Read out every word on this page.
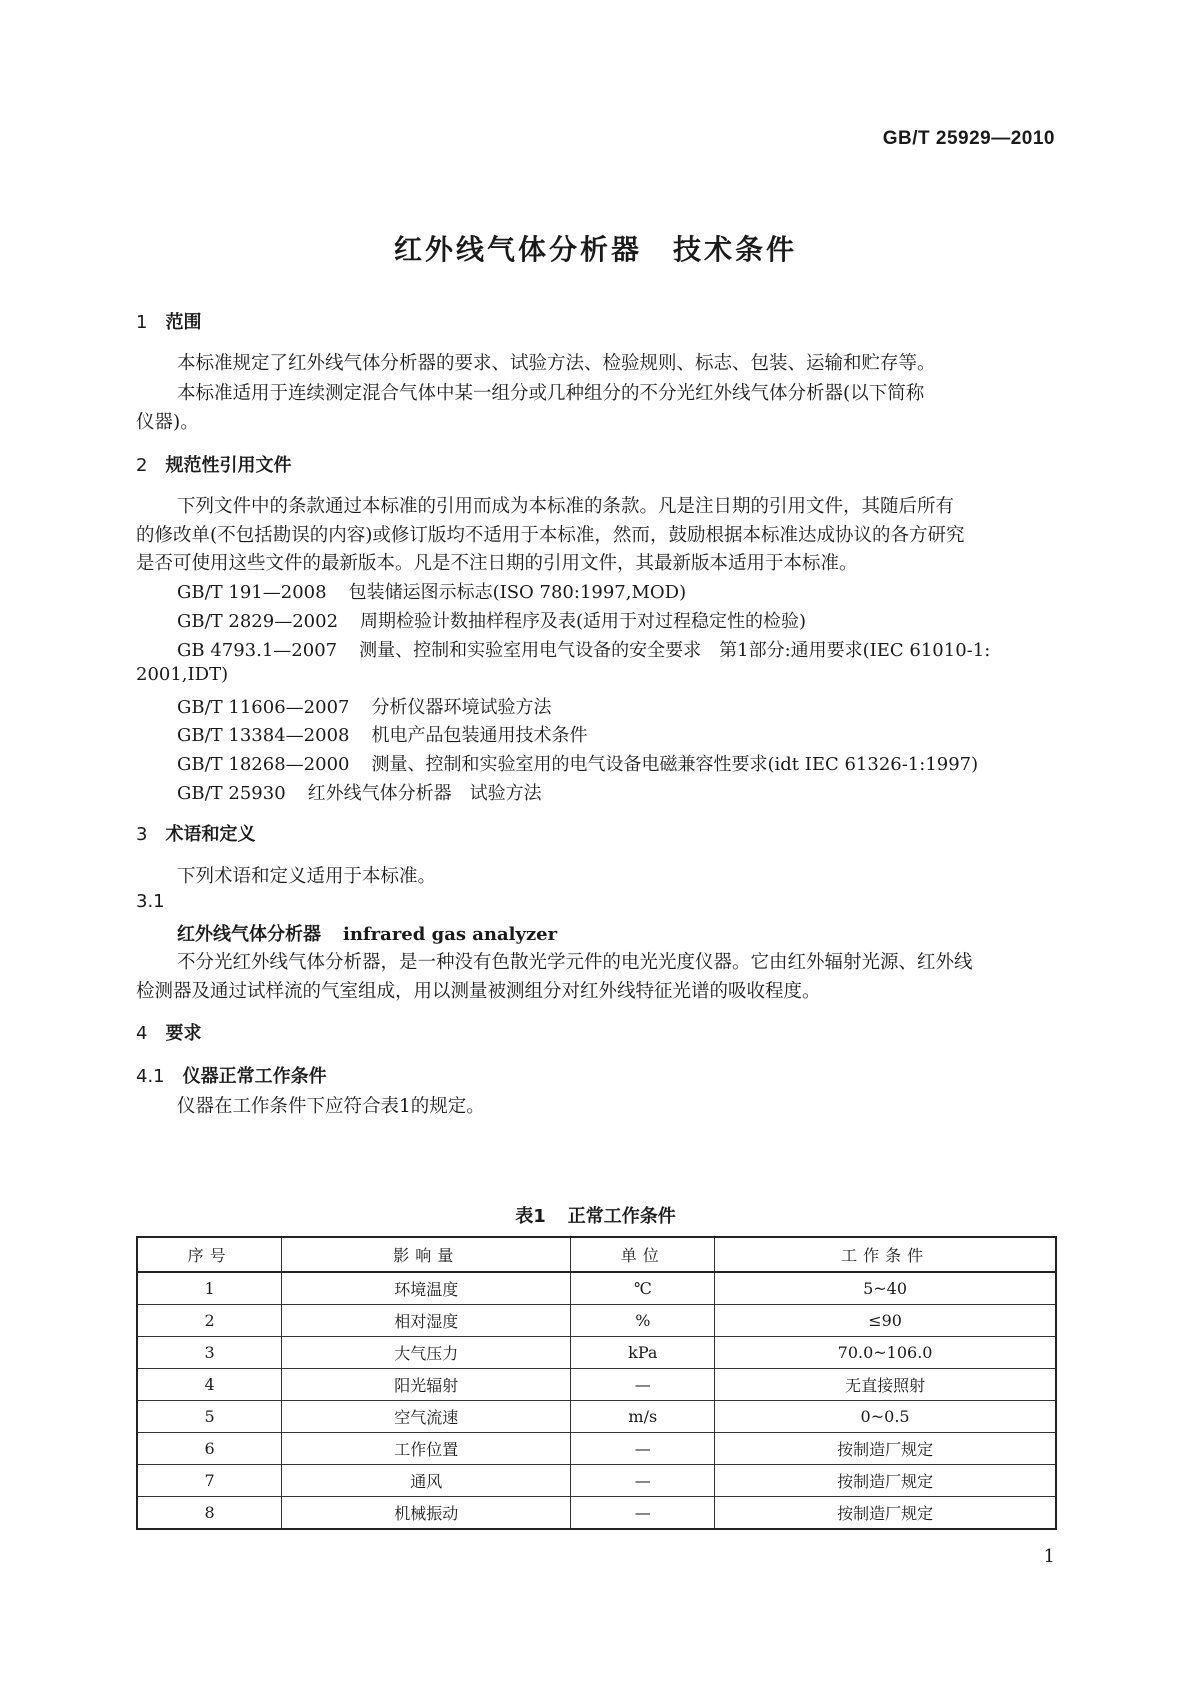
GB/T 25929—2010
红外线气体分析器　技术条件
1 范围
本标准规定了红外线气体分析器的要求、试验方法、检验规则、标志、包装、运输和贮存等。
本标准适用于连续测定混合气体中某一组分或几种组分的不分光红外线气体分析器(以下简称
仪器)。
2 规范性引用文件
下列文件中的条款通过本标准的引用而成为本标准的条款。凡是注日期的引用文件，其随后所有
的修改单(不包括勘误的内容)或修订版均不适用于本标准，然而，鼓励根据本标准达成协议的各方研究
是否可使用这些文件的最新版本。凡是不注日期的引用文件，其最新版本适用于本标准。
GB/T 191—2008 包装储运图示标志(ISO 780:1997,MOD)
GB/T 2829—2002 周期检验计数抽样程序及表(适用于对过程稳定性的检验)
GB 4793.1—2007 测量、控制和实验室用电气设备的安全要求　第1部分:通用要求(IEC 61010-1:
2001,IDT)
GB/T 11606—2007 分析仪器环境试验方法
GB/T 13384—2008 机电产品包装通用技术条件
GB/T 18268—2000 测量、控制和实验室用的电气设备电磁兼容性要求(idt IEC 61326-1:1997)
GB/T 25930 红外线气体分析器　试验方法
3 术语和定义
下列术语和定义适用于本标准。
3.1
红外线气体分析器 infrared gas analyzer
不分光红外线气体分析器，是一种没有色散光学元件的电光光度仪器。它由红外辐射光源、红外线
检测器及通过试样流的气室组成，用以测量被测组分对红外线特征光谱的吸收程度。
4 要求
4.1 仪器正常工作条件
仪器在工作条件下应符合表1的规定。
表1 正常工作条件
序号	影响量	单位	工作条件
1	环境温度	℃	5~40
2	相对湿度	%	≤90
3	大气压力	kPa	70.0~106.0
4	阳光辐射	—	无直接照射
5	空气流速	m/s	0~0.5
6	工作位置	—	按制造厂规定
7	通风	—	按制造厂规定
8	机械振动	—	按制造厂规定
1
